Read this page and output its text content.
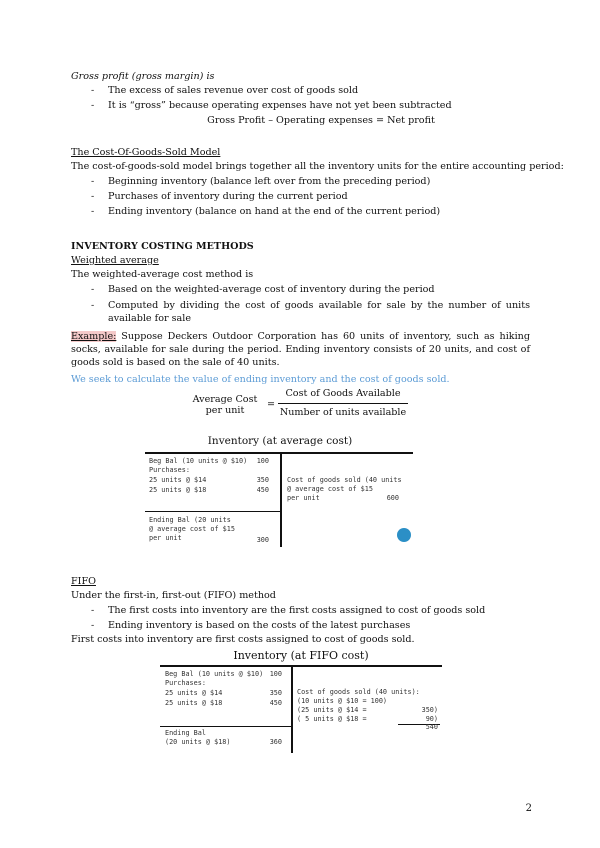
Gross profit (gross margin) is
- The excess of sales revenue over cost of goods sold
- It is “gross” because operating expenses have not yet been subtracted
Gross Profit – Operating expenses = Net profit
The Cost-Of-Goods-Sold Model
The cost-of-goods-sold model brings together all the inventory units for the entire accounting period:
- Beginning inventory (balance left over from the preceding period)
- Purchases of inventory during the current period
- Ending inventory (balance on hand at the end of the current period)
INVENTORY COSTING METHODS
Weighted average
The weighted-average cost method is
- Based on the weighted-average cost of inventory during the period
- Computed by dividing the cost of goods available for sale by the number of units available for sale
Example: Suppose Deckers Outdoor Corporation has 60 units of inventory, such as hiking socks, available for sale during the period. Ending inventory consists of 20 units, and cost of goods sold is based on the sale of 40 units.
We seek to calculate the value of ending inventory and the cost of goods sold.
Average Cost
per unit
=
Cost of Goods Available
Number of units available
Inventory (at average cost)
Beg Bal (10 units @ $10)	100
Purchases:
25 units @ $14	350
25 units @ $18	450
Ending Bal (20 units
@ average cost of $15
per unit	300
Cost of goods sold (40 units
@ average cost of $15
per unit	600
FIFO
Under the first-in, first-out (FIFO) method
- The first costs into inventory are the first costs assigned to cost of goods sold
- Ending inventory is based on the costs of the latest purchases
First costs into inventory are first costs assigned to cost of goods sold.
Inventory (at FIFO cost)
Beg Bal (10 units @ $10) 100
Purchases:
25 units @ $14	350
25 units @ $18	450
Ending Bal
(20 units @ $18)	360
Cost of goods sold (40 units):
(10 units @ $10 = 100)
(25 units @ $14 =	350)
( 5 units @ $18 =	90)
540
2
